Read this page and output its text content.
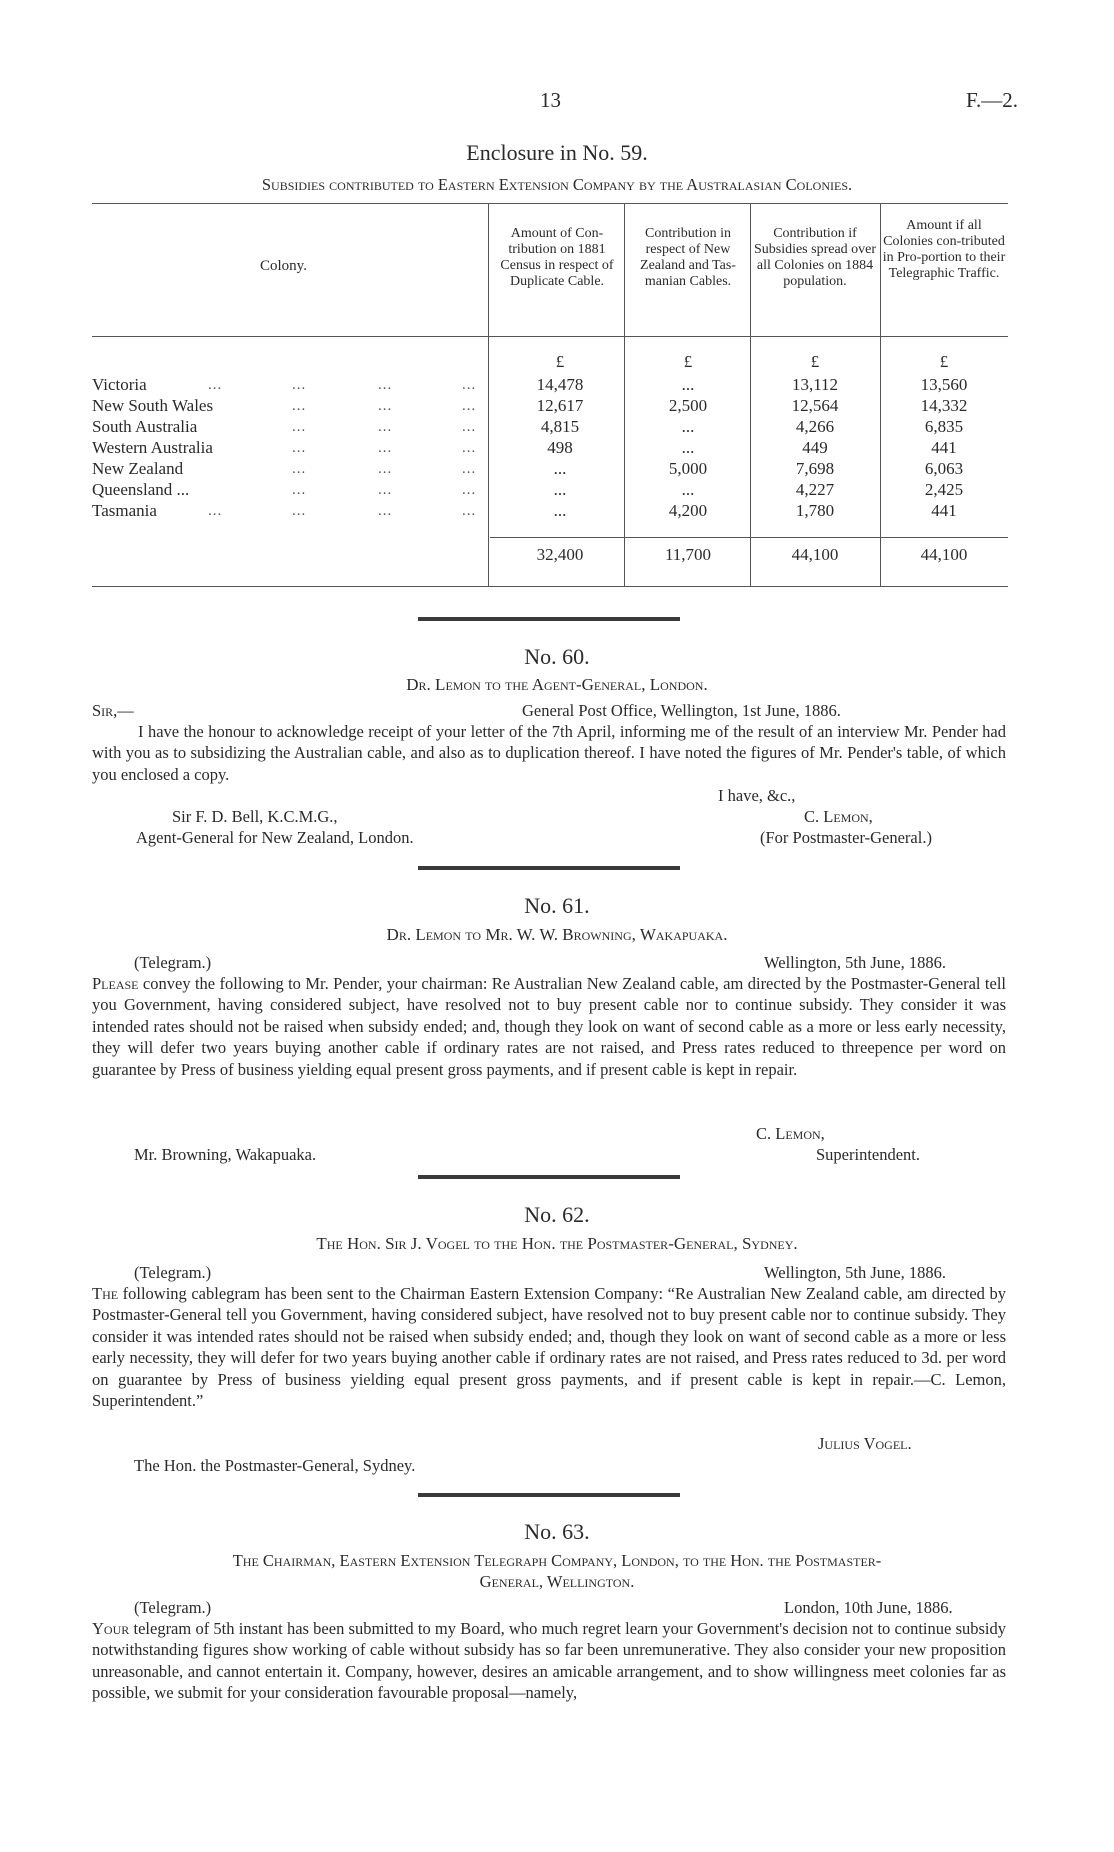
13	F.—2.
Enclosure in No. 59.
Subsidies contributed to Eastern Extension Company by the Australasian Colonies.
Colony.
Amount of Con-tribution on 1881 Census in respect of Duplicate Cable.
Contribution in respect of New Zealand and Tas-manian Cables.
Contribution if Subsidies spread over all Colonies on 1884 population.
Amount if all Colonies con-tributed in Pro-portion to their Telegraphic Traffic.
£	£	£	£
Victoria	...	...	...	...	14,478	...	13,112	13,560
New South Wales	...	...	...	12,617	2,500	12,564	14,332
South Australia	...	...	...	4,815	...	4,266	6,835
Western Australia	...	...	...	498	...	449	441
New Zealand	...	...	...	...	5,000	7,698	6,063
Queensland ...	...	...	...	...	...	4,227	2,425
Tasmania	...	...	...	...	...	4,200	1,780	441
32,400	11,700	44,100	44,100
No. 60.
Dr. Lemon to the Agent-General, London.
Sir,—	General Post Office, Wellington, 1st June, 1886.
I have the honour to acknowledge receipt of your letter of the 7th April, informing me of the result of an interview Mr. Pender had with you as to subsidizing the Australian cable, and also as to duplication thereof. I have noted the figures of Mr. Pender's table, of which you enclosed a copy.
I have, &c.,
Sir F. D. Bell, K.C.M.G.,	C. Lemon,
Agent-General for New Zealand, London.	(For Postmaster-General.)
No. 61.
Dr. Lemon to Mr. W. W. Browning, Wakapuaka.
(Telegram.)	Wellington, 5th June, 1886.
Please convey the following to Mr. Pender, your chairman: Re Australian New Zealand cable, am directed by the Postmaster-General tell you Government, having considered subject, have resolved not to buy present cable nor to continue subsidy. They consider it was intended rates should not be raised when subsidy ended; and, though they look on want of second cable as a more or less early necessity, they will defer two years buying another cable if ordinary rates are not raised, and Press rates reduced to threepence per word on guarantee by Press of business yielding equal present gross payments, and if present cable is kept in repair.
C. Lemon,
Mr. Browning, Wakapuaka.	Superintendent.
No. 62.
The Hon. Sir J. Vogel to the Hon. the Postmaster-General, Sydney.
(Telegram.)	Wellington, 5th June, 1886.
The following cablegram has been sent to the Chairman Eastern Extension Company: “Re Australian New Zealand cable, am directed by Postmaster-General tell you Government, having considered subject, have resolved not to buy present cable nor to continue subsidy. They consider it was intended rates should not be raised when subsidy ended; and, though they look on want of second cable as a more or less early necessity, they will defer for two years buying another cable if ordinary rates are not raised, and Press rates reduced to 3d. per word on guarantee by Press of business yielding equal present gross payments, and if present cable is kept in repair.—C. Lemon, Superintendent.”
Julius Vogel.
The Hon. the Postmaster-General, Sydney.
No. 63.
The Chairman, Eastern Extension Telegraph Company, London, to the Hon. the Postmaster-
General, Wellington.
(Telegram.)	London, 10th June, 1886.
Your telegram of 5th instant has been submitted to my Board, who much regret learn your Government's decision not to continue subsidy notwithstanding figures show working of cable without subsidy has so far been unremunerative. They also consider your new proposition unreasonable, and cannot entertain it. Company, however, desires an amicable arrangement, and to show willingness meet colonies far as possible, we submit for your consideration favourable proposal—namely,
